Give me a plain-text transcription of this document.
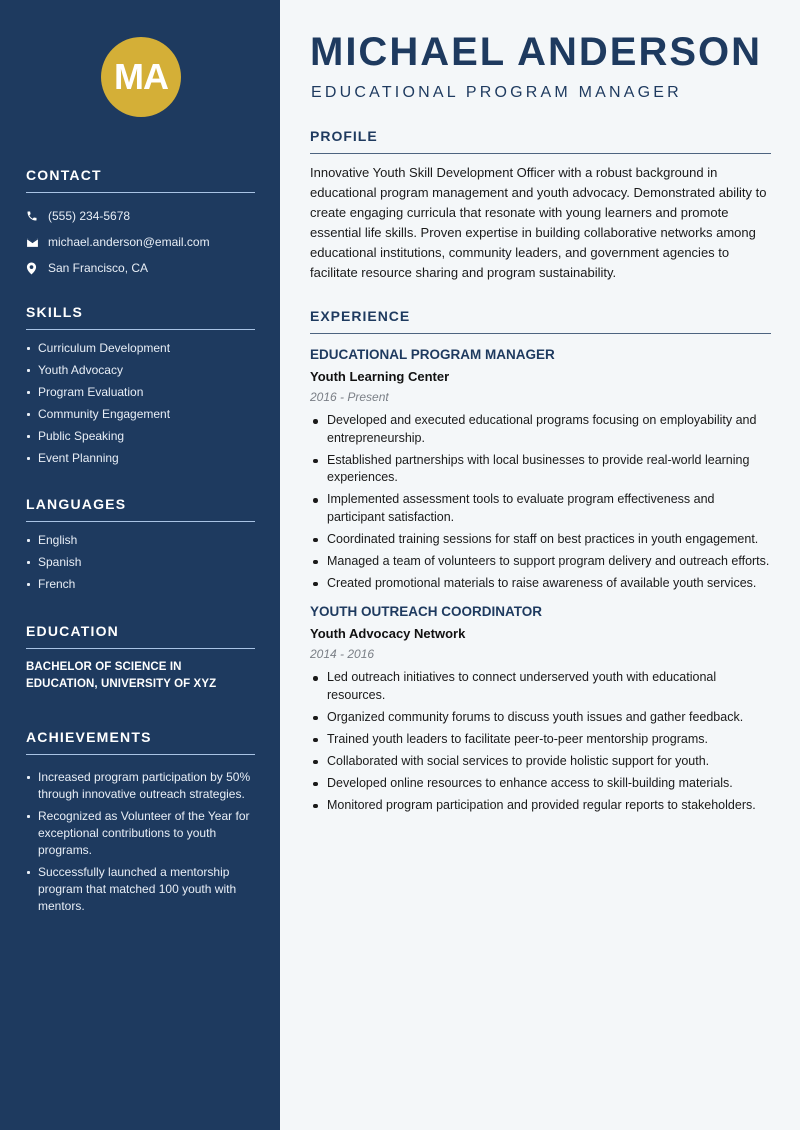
MA
CONTACT
(555) 234-5678
michael.anderson@email.com
San Francisco, CA
SKILLS
Curriculum Development
Youth Advocacy
Program Evaluation
Community Engagement
Public Speaking
Event Planning
LANGUAGES
English
Spanish
French
EDUCATION
BACHELOR OF SCIENCE IN EDUCATION, UNIVERSITY OF XYZ
ACHIEVEMENTS
Increased program participation by 50% through innovative outreach strategies.
Recognized as Volunteer of the Year for exceptional contributions to youth programs.
Successfully launched a mentorship program that matched 100 youth with mentors.
MICHAEL ANDERSON
EDUCATIONAL PROGRAM MANAGER
PROFILE
Innovative Youth Skill Development Officer with a robust background in educational program management and youth advocacy. Demonstrated ability to create engaging curricula that resonate with young learners and promote essential life skills. Proven expertise in building collaborative networks among educational institutions, community leaders, and government agencies to facilitate resource sharing and program sustainability.
EXPERIENCE
EDUCATIONAL PROGRAM MANAGER
Youth Learning Center
2016 - Present
Developed and executed educational programs focusing on employability and entrepreneurship.
Established partnerships with local businesses to provide real-world learning experiences.
Implemented assessment tools to evaluate program effectiveness and participant satisfaction.
Coordinated training sessions for staff on best practices in youth engagement.
Managed a team of volunteers to support program delivery and outreach efforts.
Created promotional materials to raise awareness of available youth services.
YOUTH OUTREACH COORDINATOR
Youth Advocacy Network
2014 - 2016
Led outreach initiatives to connect underserved youth with educational resources.
Organized community forums to discuss youth issues and gather feedback.
Trained youth leaders to facilitate peer-to-peer mentorship programs.
Collaborated with social services to provide holistic support for youth.
Developed online resources to enhance access to skill-building materials.
Monitored program participation and provided regular reports to stakeholders.
